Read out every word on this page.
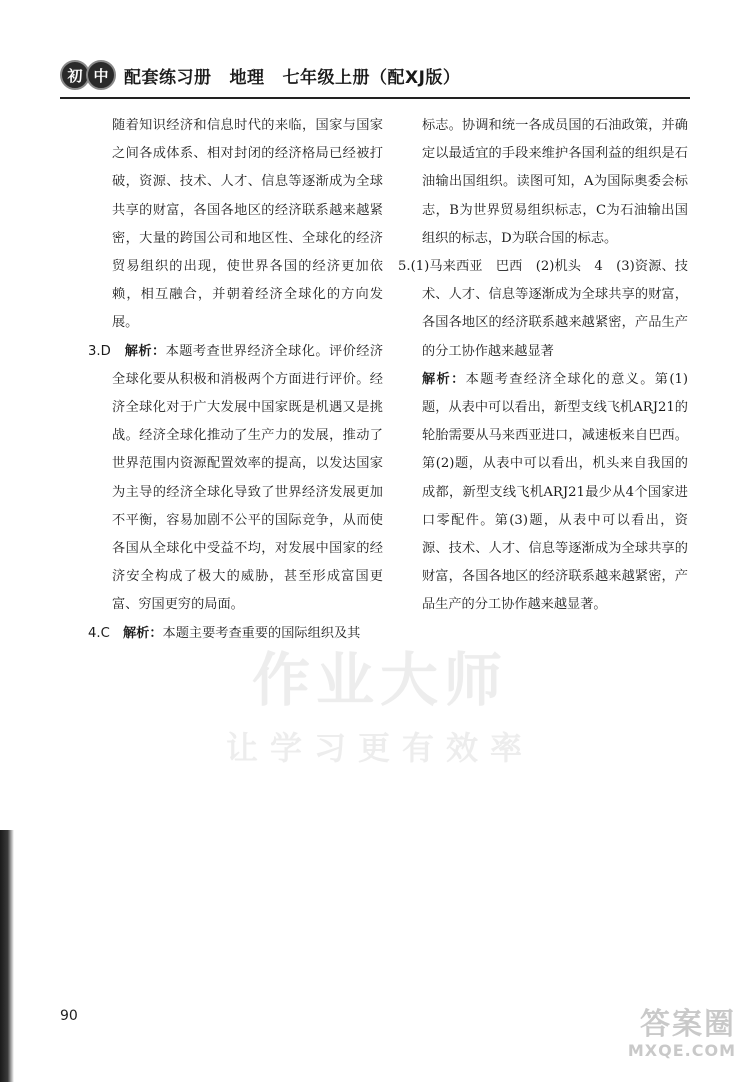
初 中 配套练习册 地理 七年级上册（配XJ版）

随着知识经济和信息时代的来临，国家与国家之间各成体系、相对封闭的经济格局已经被打破，资源、技术、人才、信息等逐渐成为全球共享的财富，各国各地区的经济联系越来越紧密，大量的跨国公司和地区性、全球化的经济贸易组织的出现，使世界各国的经济更加依赖，相互融合，并朝着经济全球化的方向发展。

3.D　 解析：本题考查世界经济全球化。评价经济全球化要从积极和消极两个方面进行评价。经济全球化对于广大发展中国家既是机遇又是挑战。经济全球化推动了生产力的发展，推动了世界范围内资源配置效率的提高，以发达国家为主导的经济全球化导致了世界经济发展更加不平衡，容易加剧不公平的国际竞争，从而使各国从全球化中受益不均，对发展中国家的经济安全构成了极大的威胁，甚至形成富国更富、穷国更穷的局面。

4.C　 解析：本题主要考查重要的国际组织及其

标志。协调和统一各成员国的石油政策，并确定以最适宜的手段来维护各国利益的组织是石油输出国组织。读图可知，A为国际奥委会标志，B为世界贸易组织标志，C为石油输出国组织的标志，D为联合国的标志。

5.(1)马来西亚　巴西　(2)机头　4　(3)资源、技术、人才、信息等逐渐成为全球共享的财富，各国各地区的经济联系越来越紧密，产品生产的分工协作越来越显著

解析：本题考查经济全球化的意义。第(1)题，从表中可以看出，新型支线飞机ARJ21的轮胎需要从马来西亚进口，减速板来自巴西。第(2)题，从表中可以看出，机头来自我国的成都，新型支线飞机ARJ21最少从4个国家进口零配件。第(3)题，从表中可以看出，资源、技术、人才、信息等逐渐成为全球共享的财富，各国各地区的经济联系越来越紧密，产品生产的分工协作越来越显著。

作业大师
让学习更有效率
90	答案圈
MXQE.COM
